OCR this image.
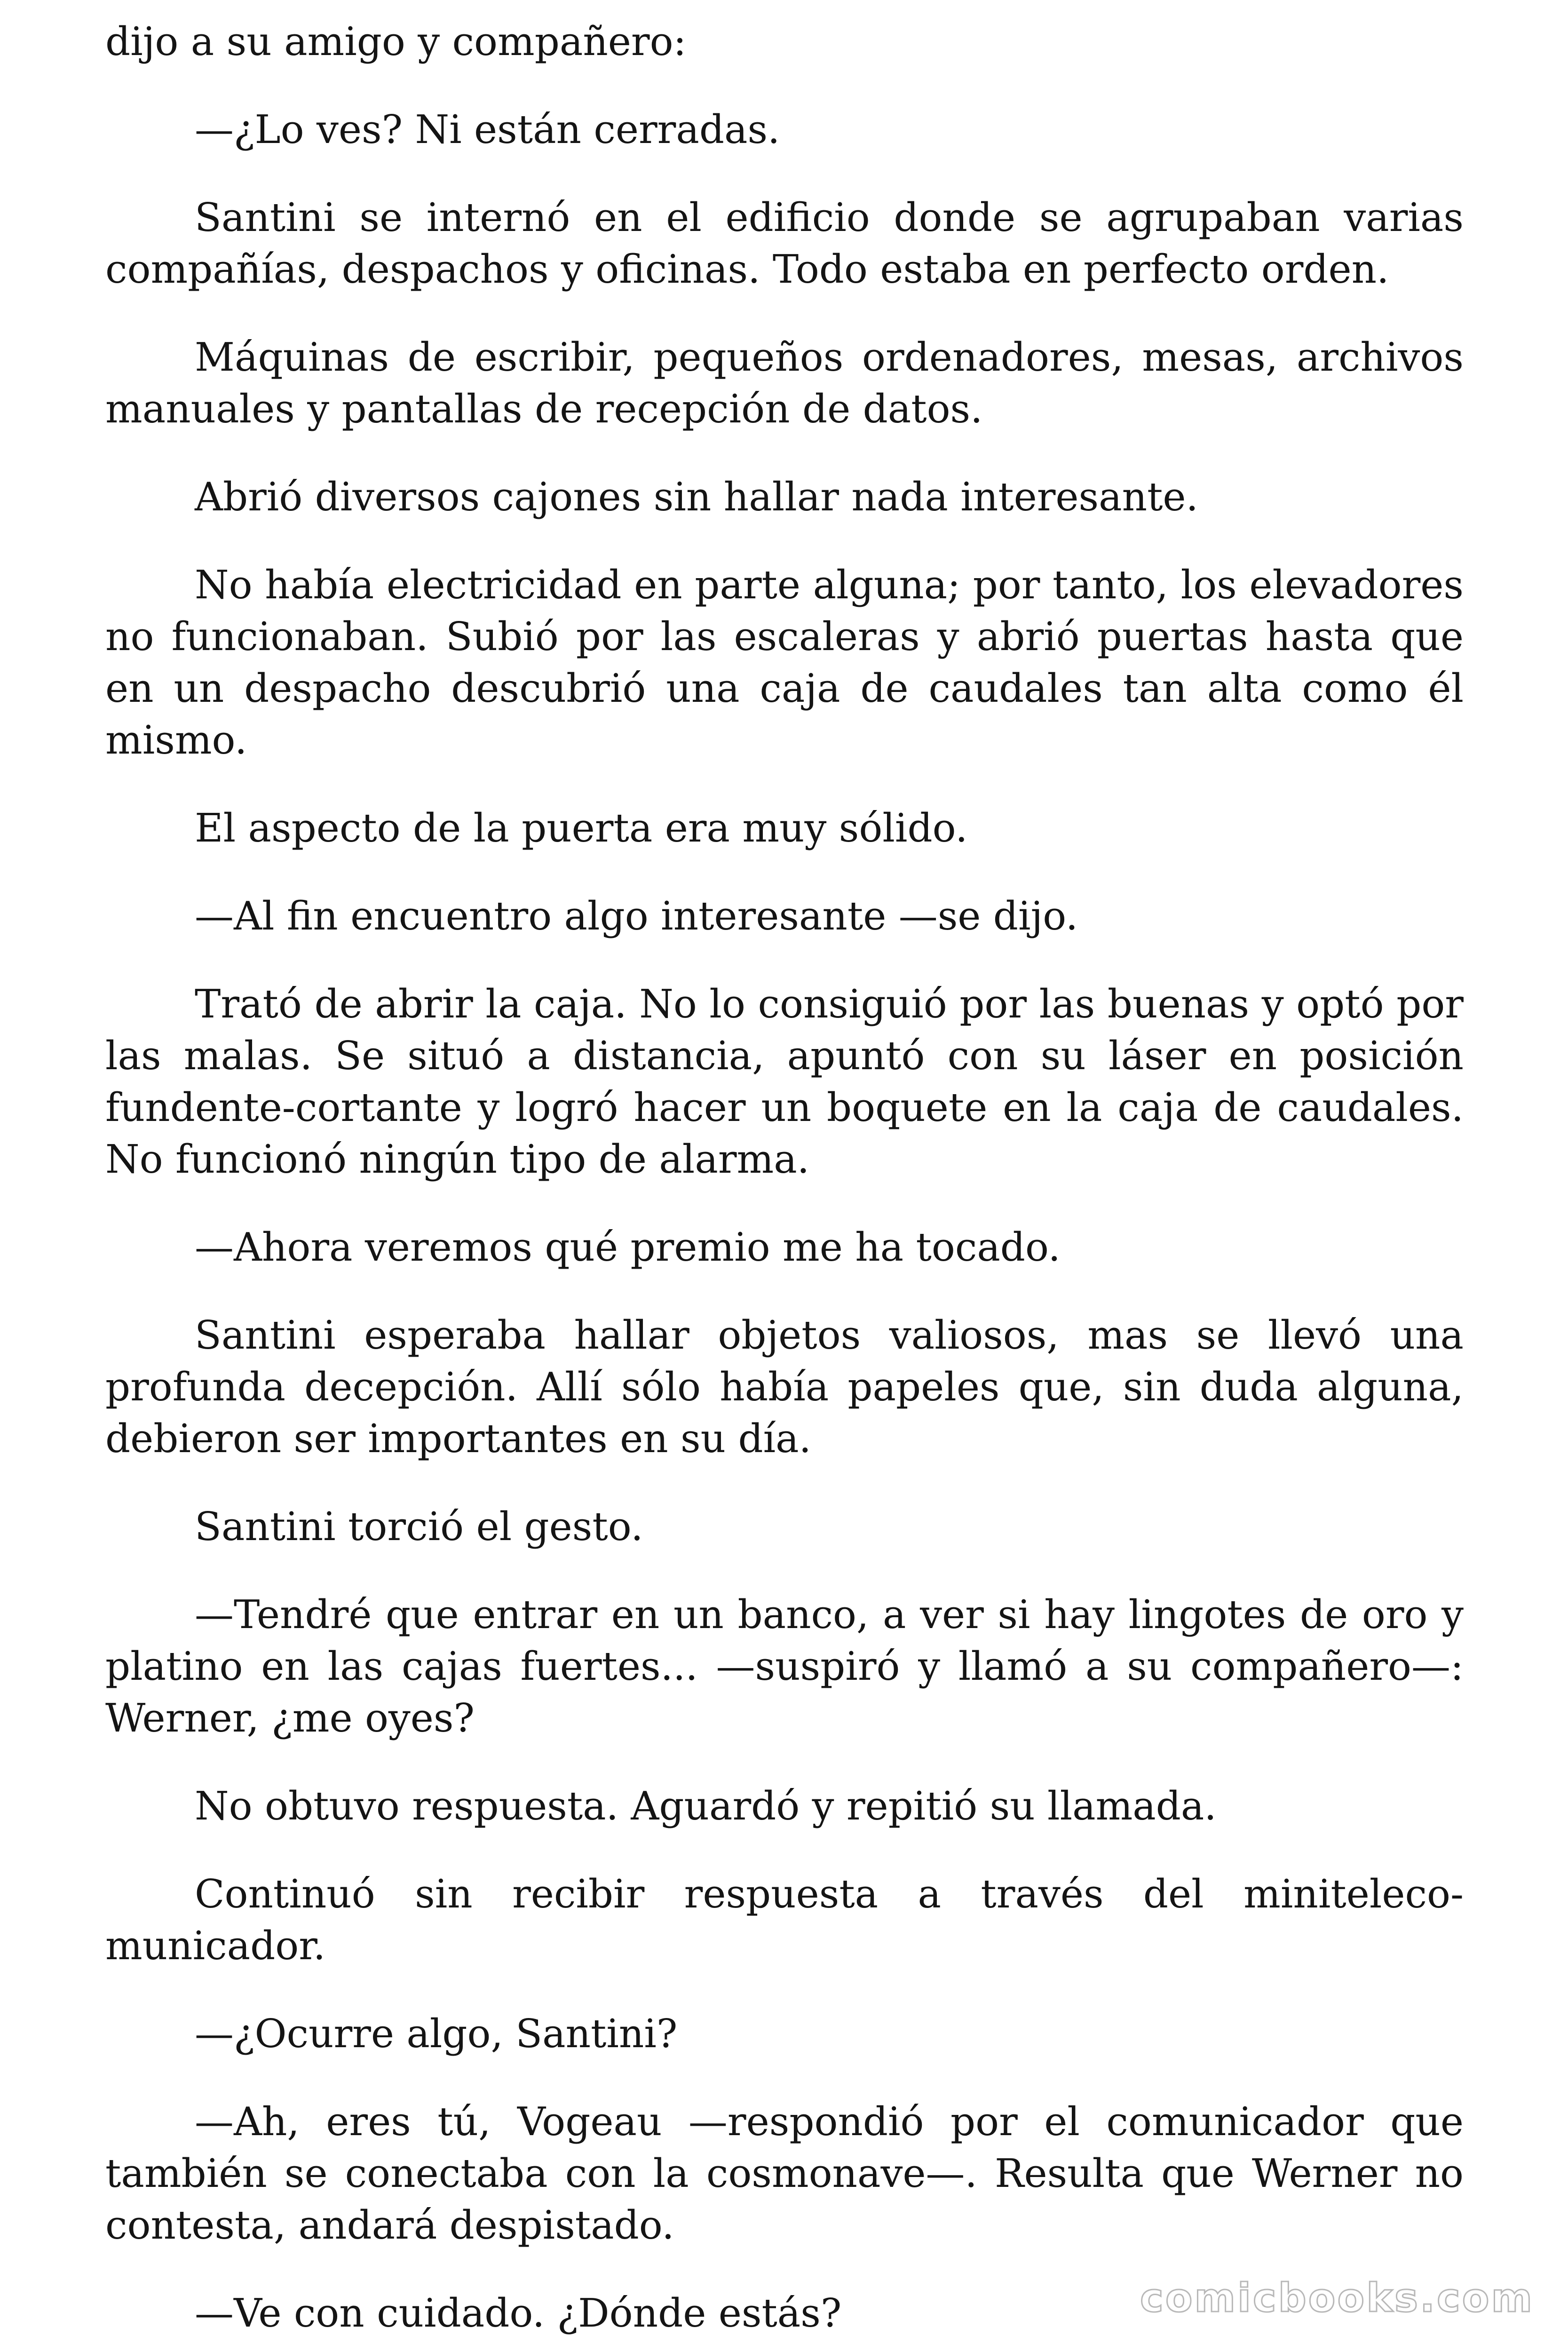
dijo a su amigo y compañero:

—¿Lo ves? Ni están cerradas.

Santini se internó en el edificio donde se agrupaban varias compañías, despachos y oficinas. Todo estaba en perfecto orden.

Máquinas de escribir, pequeños ordenadores, mesas, archivos manuales y pantallas de recepción de datos.

Abrió diversos cajones sin hallar nada interesante.

No había electricidad en parte alguna; por tanto, los elevadores no funcionaban. Subió por las escaleras y abrió puertas hasta que en un despacho descubrió una caja de caudales tan alta como él mismo.

El aspecto de la puerta era muy sólido.

—Al fin encuentro algo interesante —se dijo.

Trató de abrir la caja. No lo consiguió por las buenas y optó por las malas. Se situó a distancia, apuntó con su láser en posición fundente-cortante y logró hacer un boquete en la caja de caudales. No funcionó ningún tipo de alarma.

—Ahora veremos qué premio me ha tocado.

Santini esperaba hallar objetos valiosos, mas se llevó una profunda decepción. Allí sólo había papeles que, sin duda alguna, debieron ser importantes en su día.

Santini torció el gesto.

—Tendré que entrar en un banco, a ver si hay lingotes de oro y platino en las cajas fuertes... —suspiró y llamó a su compañero—: Werner, ¿me oyes?

No obtuvo respuesta. Aguardó y repitió su llamada.

Continuó sin recibir respuesta a través del miniteleco- municador.

—¿Ocurre algo, Santini?

—Ah, eres tú, Vogeau —respondió por el comunicador que también se conectaba con la cosmonave—. Resulta que Werner no contesta, andará despistado.

—Ve con cuidado. ¿Dónde estás?	comicbooks.com
